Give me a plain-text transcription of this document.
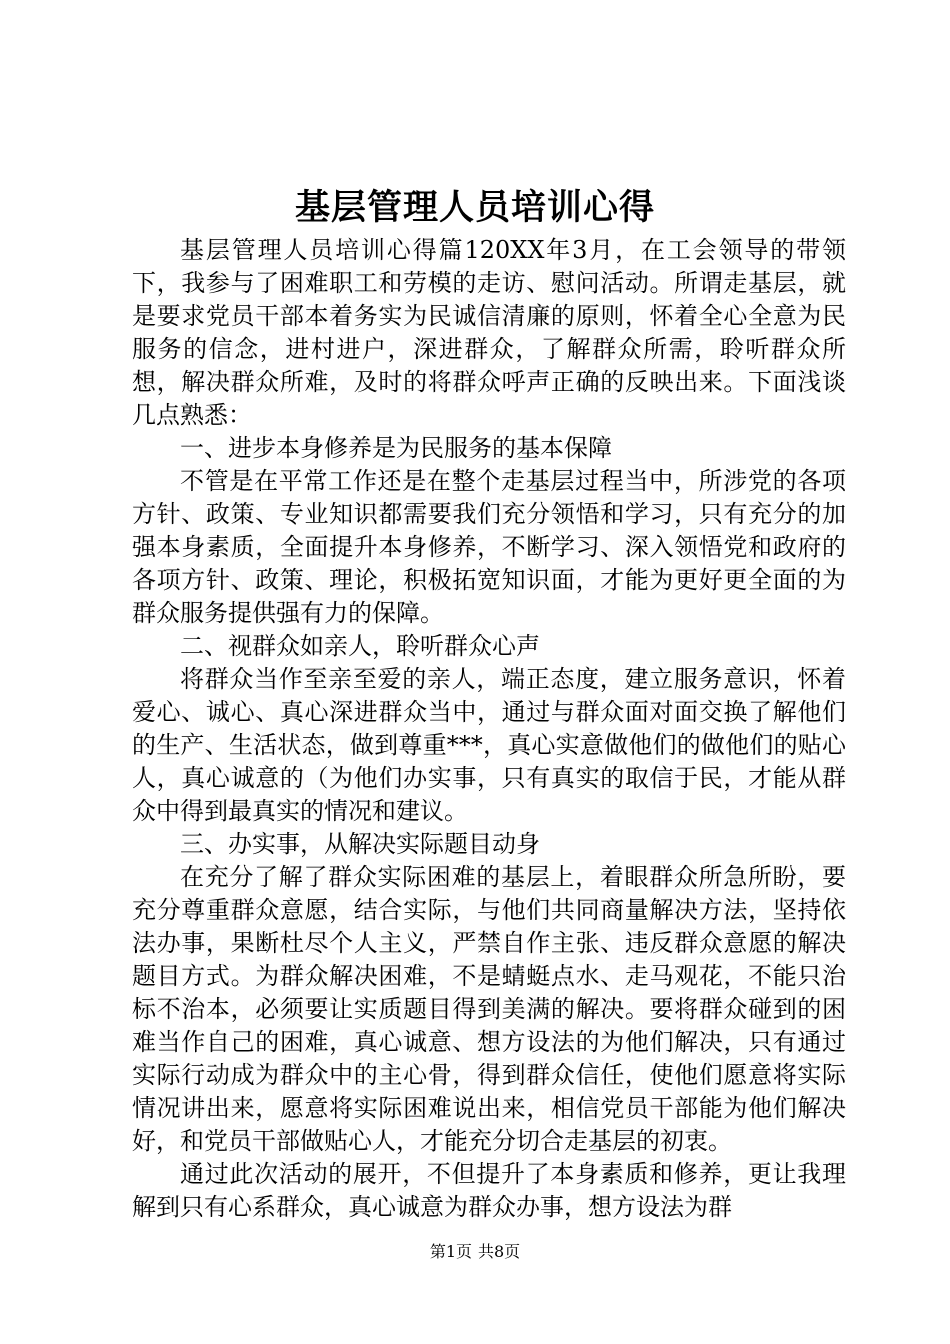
基层管理人员培训心得

基层管理人员培训心得篇120XX年3月，在工会领导的带领下，我参与了困难职工和劳模的走访、慰问活动。所谓走基层，就是要求党员干部本着务实为民诚信清廉的原则，怀着全心全意为民服务的信念，进村进户，深进群众，了解群众所需，聆听群众所想，解决群众所难，及时的将群众呼声正确的反映出来。下面浅谈几点熟悉：

一、进步本身修养是为民服务的基本保障

不管是在平常工作还是在整个走基层过程当中，所涉党的各项方针、政策、专业知识都需要我们充分领悟和学习，只有充分的加强本身素质，全面提升本身修养，不断学习、深入领悟党和政府的各项方针、政策、理论，积极拓宽知识面，才能为更好更全面的为群众服务提供强有力的保障。

二、视群众如亲人，聆听群众心声

将群众当作至亲至爱的亲人，端正态度，建立服务意识，怀着爱心、诚心、真心深进群众当中，通过与群众面对面交换了解他们的生产、生活状态，做到尊重***，真心实意做他们的做他们的贴心人，真心诚意的（为他们办实事，只有真实的取信于民，才能从群众中得到最真实的情况和建议。

三、办实事，从解决实际题目动身

在充分了解了群众实际困难的基层上，着眼群众所急所盼，要充分尊重群众意愿，结合实际，与他们共同商量解决方法，坚持依法办事，果断杜尽个人主义，严禁自作主张、违反群众意愿的解决题目方式。为群众解决困难，不是蜻蜓点水、走马观花，不能只治标不治本，必须要让实质题目得到美满的解决。要将群众碰到的困难当作自己的困难，真心诚意、想方设法的为他们解决，只有通过实际行动成为群众中的主心骨，得到群众信任，使他们愿意将实际情况讲出来，愿意将实际困难说出来，相信党员干部能为他们解决好，和党员干部做贴心人，才能充分切合走基层的初衷。

通过此次活动的展开，不但提升了本身素质和修养，更让我理解到只有心系群众，真心诚意为群众办事，想方设法为群

第1页 共8页
